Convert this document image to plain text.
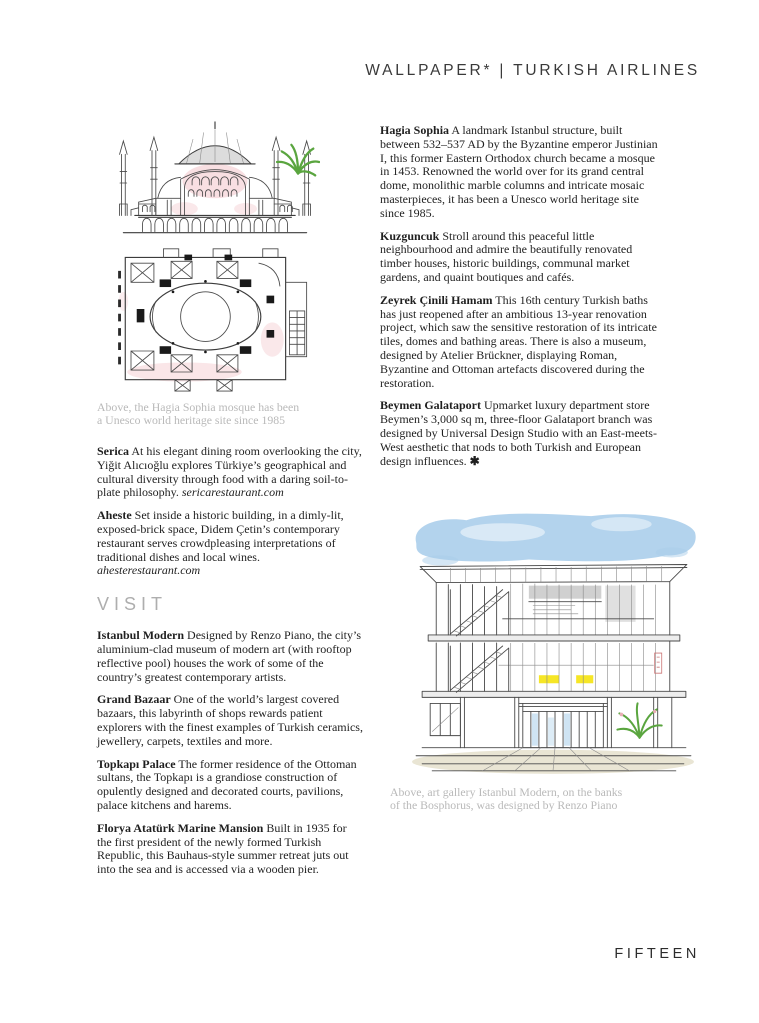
WALLPAPER* | TURKISH AIRLINES
Above, the Hagia Sophia mosque has been
a Unesco world heritage site since 1985

Serica At his elegant dining room overlooking the city, Yiğit Alıcıoğlu explores Türkiye’s geographical and cultural diversity through food with a daring soil-to-plate philosophy. sericarestaurant.com

Aheste Set inside a historic building, in a dimly-lit, exposed-brick space, Didem Çetin’s contemporary restaurant serves crowdpleasing interpretations of traditional dishes and local wines. ahesterestaurant.com

VISIT

Istanbul Modern Designed by Renzo Piano, the city’s aluminium-clad museum of modern art (with rooftop reflective pool) houses the work of some of the country’s greatest contemporary artists.

Grand Bazaar One of the world’s largest covered bazaars, this labyrinth of shops rewards patient explorers with the finest examples of Turkish ceramics, jewellery, carpets, textiles and more.

Topkapı Palace The former residence of the Ottoman sultans, the Topkapı is a grandiose construction of opulently designed and decorated courts, pavilions, palace kitchens and harems.

Florya Atatürk Marine Mansion Built in 1935 for the first president of the newly formed Turkish Republic, this Bauhaus-style summer retreat juts out into the sea and is accessed via a wooden pier.

Hagia Sophia A landmark Istanbul structure, built between 532–537 AD by the Byzantine emperor Justinian I, this former Eastern Orthodox church became a mosque in 1453. Renowned the world over for its grand central dome, monolithic marble columns and intricate mosaic masterpieces, it has been a Unesco world heritage site since 1985.

Kuzguncuk Stroll around this peaceful little neighbourhood and admire the beautifully renovated timber houses, historic buildings, communal market gardens, and quaint boutiques and cafés.

Zeyrek Çinili Hamam This 16th century Turkish baths has just reopened after an ambitious 13-year renovation project, which saw the sensitive restoration of its intricate tiles, domes and bathing areas. There is also a museum, designed by Atelier Brückner, displaying Roman, Byzantine and Ottoman artefacts discovered during the restoration.

Beymen Galataport Upmarket luxury department store Beymen’s 3,000 sq m, three-floor Galataport branch was designed by Universal Design Studio with an East-meets-West aesthetic that nods to both Turkish and European design influences. ✱

Above, art gallery Istanbul Modern, on the banks
of the Bosphorus, was designed by Renzo Piano
FIFTEEN
